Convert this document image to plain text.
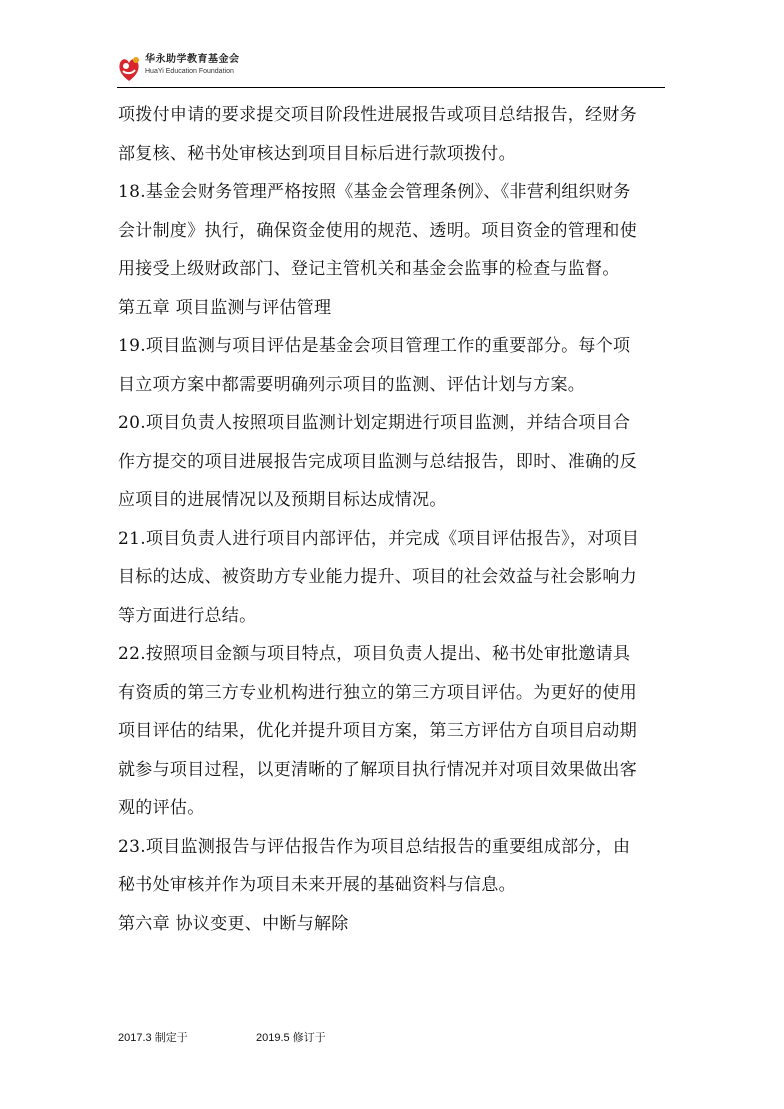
华永助学教育基金会
HuaYi Education Foundation
项拨付申请的要求提交项目阶段性进展报告或项目总结报告，经财务
部复核、秘书处审核达到项目目标后进行款项拨付。
18.基金会财务管理严格按照《基金会管理条例》、《非营利组织财务
会计制度》执行，确保资金使用的规范、透明。项目资金的管理和使
用接受上级财政部门、登记主管机关和基金会监事的检查与监督。
第五章 项目监测与评估管理
19.项目监测与项目评估是基金会项目管理工作的重要部分。每个项
目立项方案中都需要明确列示项目的监测、评估计划与方案。
20.项目负责人按照项目监测计划定期进行项目监测，并结合项目合
作方提交的项目进展报告完成项目监测与总结报告，即时、准确的反
应项目的进展情况以及预期目标达成情况。
21.项目负责人进行项目内部评估，并完成《项目评估报告》，对项目
目标的达成、被资助方专业能力提升、项目的社会效益与社会影响力
等方面进行总结。
22.按照项目金额与项目特点，项目负责人提出、秘书处审批邀请具
有资质的第三方专业机构进行独立的第三方项目评估。为更好的使用
项目评估的结果，优化并提升项目方案，第三方评估方自项目启动期
就参与项目过程，以更清晰的了解项目执行情况并对项目效果做出客
观的评估。
23.项目监测报告与评估报告作为项目总结报告的重要组成部分，由
秘书处审核并作为项目未来开展的基础资料与信息。
第六章 协议变更、中断与解除
2017.3 制定于	2019.5 修订于
